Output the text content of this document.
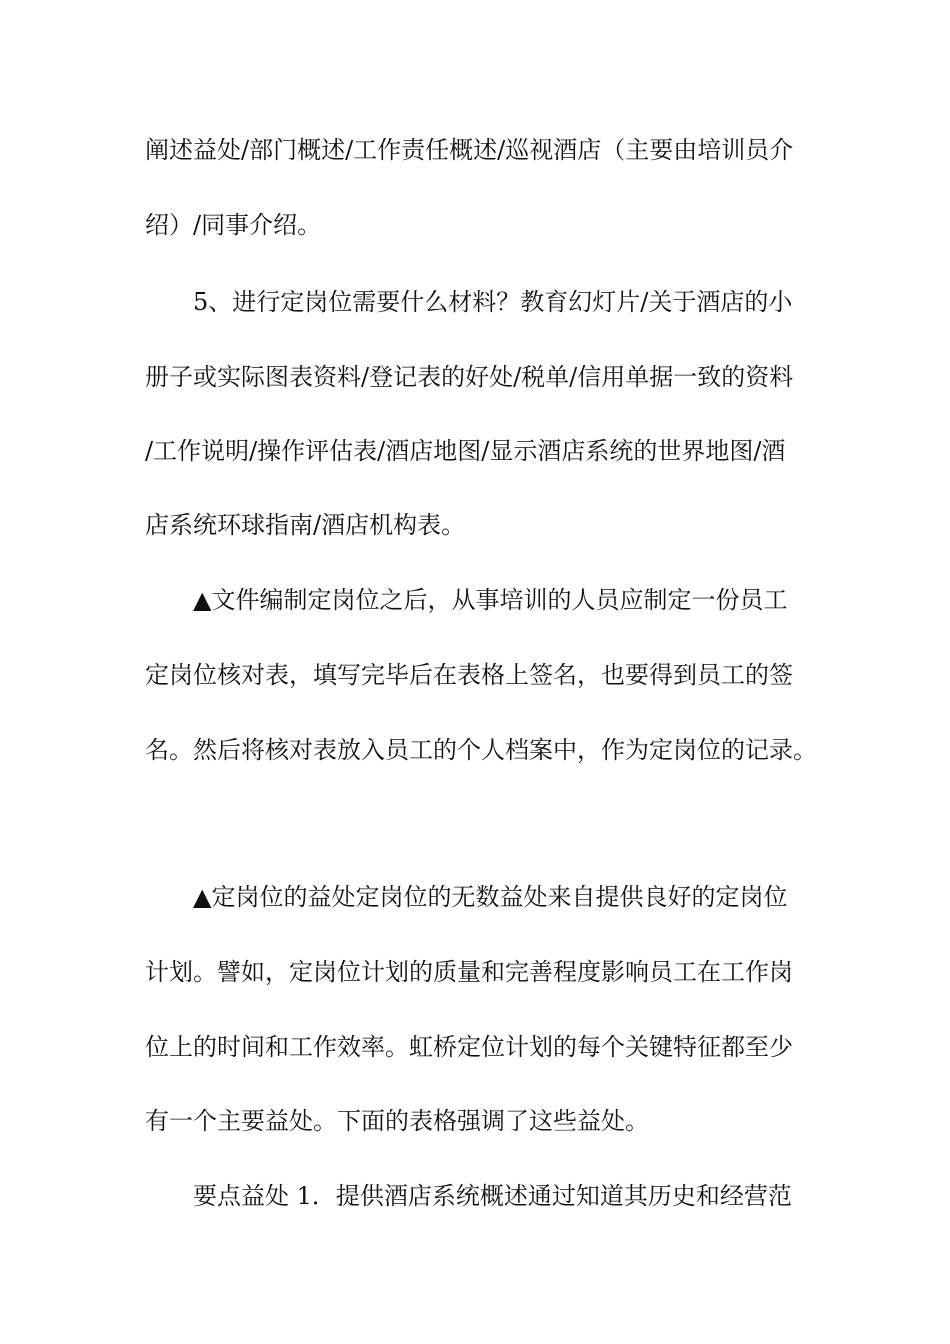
阐述益处/部门概述/工作责任概述/巡视酒店（主要由培训员介
绍）/同事介绍。
5、进行定岗位需要什么材料？教育幻灯片/关于酒店的小
册子或实际图表资料/登记表的好处/税单/信用单据一致的资料
/工作说明/操作评估表/酒店地图/显示酒店系统的世界地图/酒
店系统环球指南/酒店机构表。
▲文件编制定岗位之后，从事培训的人员应制定一份员工
定岗位核对表，填写完毕后在表格上签名，也要得到员工的签
名。然后将核对表放入员工的个人档案中，作为定岗位的记录。
▲定岗位的益处定岗位的无数益处来自提供良好的定岗位
计划。譬如，定岗位计划的质量和完善程度影响员工在工作岗
位上的时间和工作效率。虹桥定位计划的每个关键特征都至少
有一个主要益处。下面的表格强调了这些益处。
要点益处 1．提供酒店系统概述通过知道其历史和经营范
